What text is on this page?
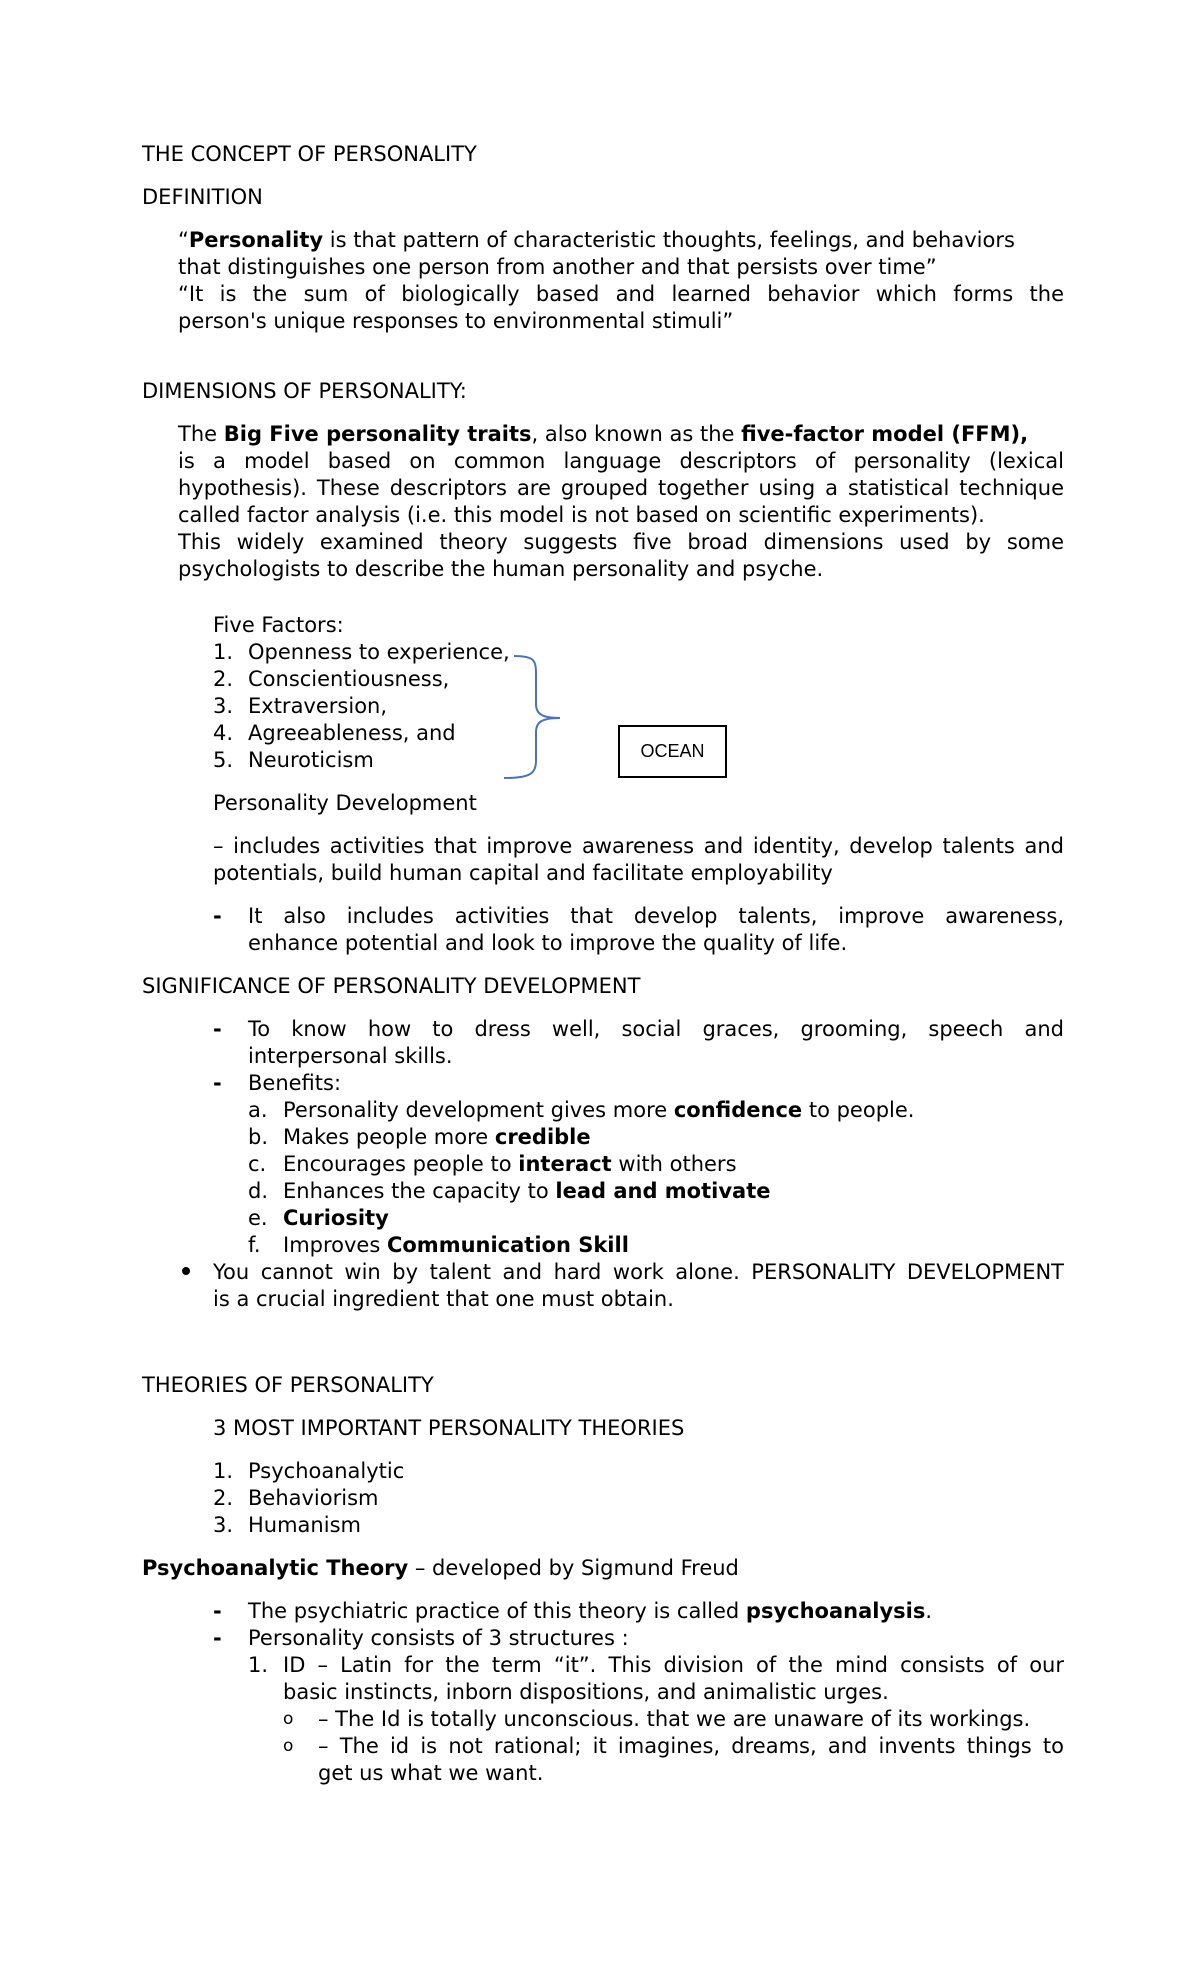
THE CONCEPT OF PERSONALITY
DEFINITION
“Personality is that pattern of characteristic thoughts, feelings, and behaviors
that distinguishes one person from another and that persists over time”
“It is the sum of biologically based and learned behavior which forms the
person's unique responses to environmental stimuli”
DIMENSIONS OF PERSONALITY:
The Big Five personality traits, also known as the five-factor model (FFM),
is a model based on common language descriptors of personality (lexical
hypothesis). These descriptors are grouped together using a statistical technique
called factor analysis (i.e. this model is not based on scientific experiments).
This widely examined theory suggests five broad dimensions used by some
psychologists to describe the human personality and psyche.
Five Factors:
1. Openness to experience,
2. Conscientiousness,
3. Extraversion,
4. Agreeableness, and
5. Neuroticism	OCEAN
Personality Development
– includes activities that improve awareness and identity, develop talents and
potentials, build human capital and facilitate employability
- It also includes activities that develop talents, improve awareness,
enhance potential and look to improve the quality of life.
SIGNIFICANCE OF PERSONALITY DEVELOPMENT
- To know how to dress well, social graces, grooming, speech and
interpersonal skills.
- Benefits:
a. Personality development gives more confidence to people.
b. Makes people more credible
c. Encourages people to interact with others
d. Enhances the capacity to lead and motivate
e. Curiosity
f. Improves Communication Skill
You cannot win by talent and hard work alone. PERSONALITY DEVELOPMENT
is a crucial ingredient that one must obtain.
THEORIES OF PERSONALITY
3 MOST IMPORTANT PERSONALITY THEORIES
1. Psychoanalytic
2. Behaviorism
3. Humanism
Psychoanalytic Theory – developed by Sigmund Freud
- The psychiatric practice of this theory is called psychoanalysis.
- Personality consists of 3 structures :
1. ID – Latin for the term “it”. This division of the mind consists of our
basic instincts, inborn dispositions, and animalistic urges.
o – The Id is totally unconscious. that we are unaware of its workings.
o – The id is not rational; it imagines, dreams, and invents things to
get us what we want.
